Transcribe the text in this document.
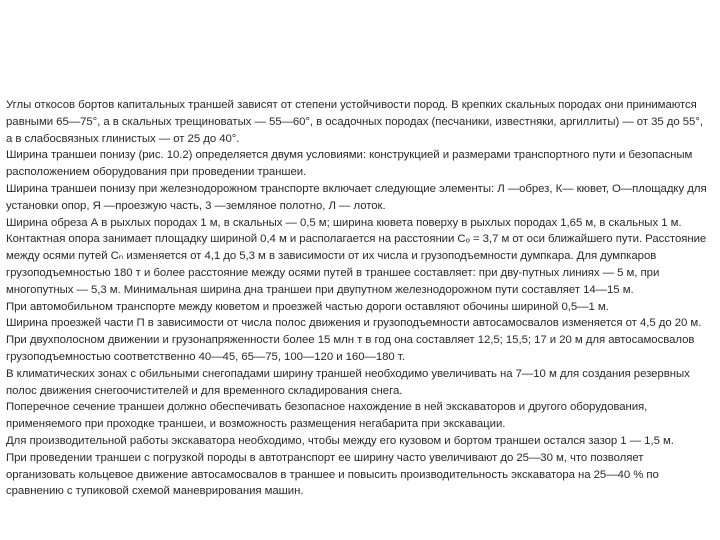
Углы откосов бортов капитальных траншей зависят от степени устойчивости пород. В крепких скальных породах они принимаются равными 65—75°, а в скальных трещиноватых — 55—60°, в осадочных породах (песчаники, известняки, аргиллиты) — от 35 до 55°, а в слабосвязных глинистых — от 25 до 40°.

Ширина траншеи понизу (рис. 10.2) определяется двумя условиями: конструкцией и размерами транспортного пути и безопасным расположением оборудования при проведении траншеи.

Ширина траншеи понизу при железнодорожном транспорте включает следующие элементы: Л —обрез, К— кювет, О—площадку для установки опор, Я —проезжую часть, 3 —земляное полотно, Л — лоток.

Ширина обреза А в рыхлых породах 1 м, в скальных — 0,5 м; ширина кювета поверху в рыхлых породах 1,65 м, в скальных 1 м. Контактная опора занимает площадку шириной 0,4 м и располагается на расстоянии Сₒ = 3,7 м от оси ближайшего пути. Расстояние между осями путей Сₙ изменяется от 4,1 до 5,3 м в зависимости от их числа и грузоподъемности думпкара. Для думпкаров грузоподъемностью 180 т и более расстояние между осями путей в траншее составляет: при дву-путных линиях — 5 м, при многопутных — 5,3 м. Минимальная ширина дна траншеи при двупутном железнодорожном пути составляет 14—15 м.

При автомобильном транспорте между кюветом и проезжей частью дороги оставляют обочины шириной 0,5—1 м.

Ширина проезжей части П в зависимости от числа полос движения и грузоподъемности автосамосвалов изменяется от 4,5 до 20 м. При двухполосном движении и грузонапряженности более 15 млн т в год она составляет 12,5; 15,5; 17 и 20 м для автосамосвалов грузоподъемностью соответственно 40—45, 65—75, 100—120 и 160—180 т.

В климатических зонах с обильными снегопадами ширину траншей необходимо увеличивать на 7—10 м для создания резервных полос движения снегоочистителей и для временного складирования снега.

Поперечное сечение траншеи должно обеспечивать безопасное нахождение в ней экскаваторов и другого оборудования, применяемого при проходке траншеи, и возможность размещения негабарита при экскавации.

Для производительной работы экскаватора необходимо, чтобы между его кузовом и бортом траншеи остался зазор 1 — 1,5 м.

При проведении траншеи с погрузкой породы в автотранспорт ее ширину часто увеличивают до 25—30 м, что позволяет организовать кольцевое движение автосамосвалов в траншее и повысить производительность экскаватора на 25—40 % по сравнению с тупиковой схемой маневрирования машин.
